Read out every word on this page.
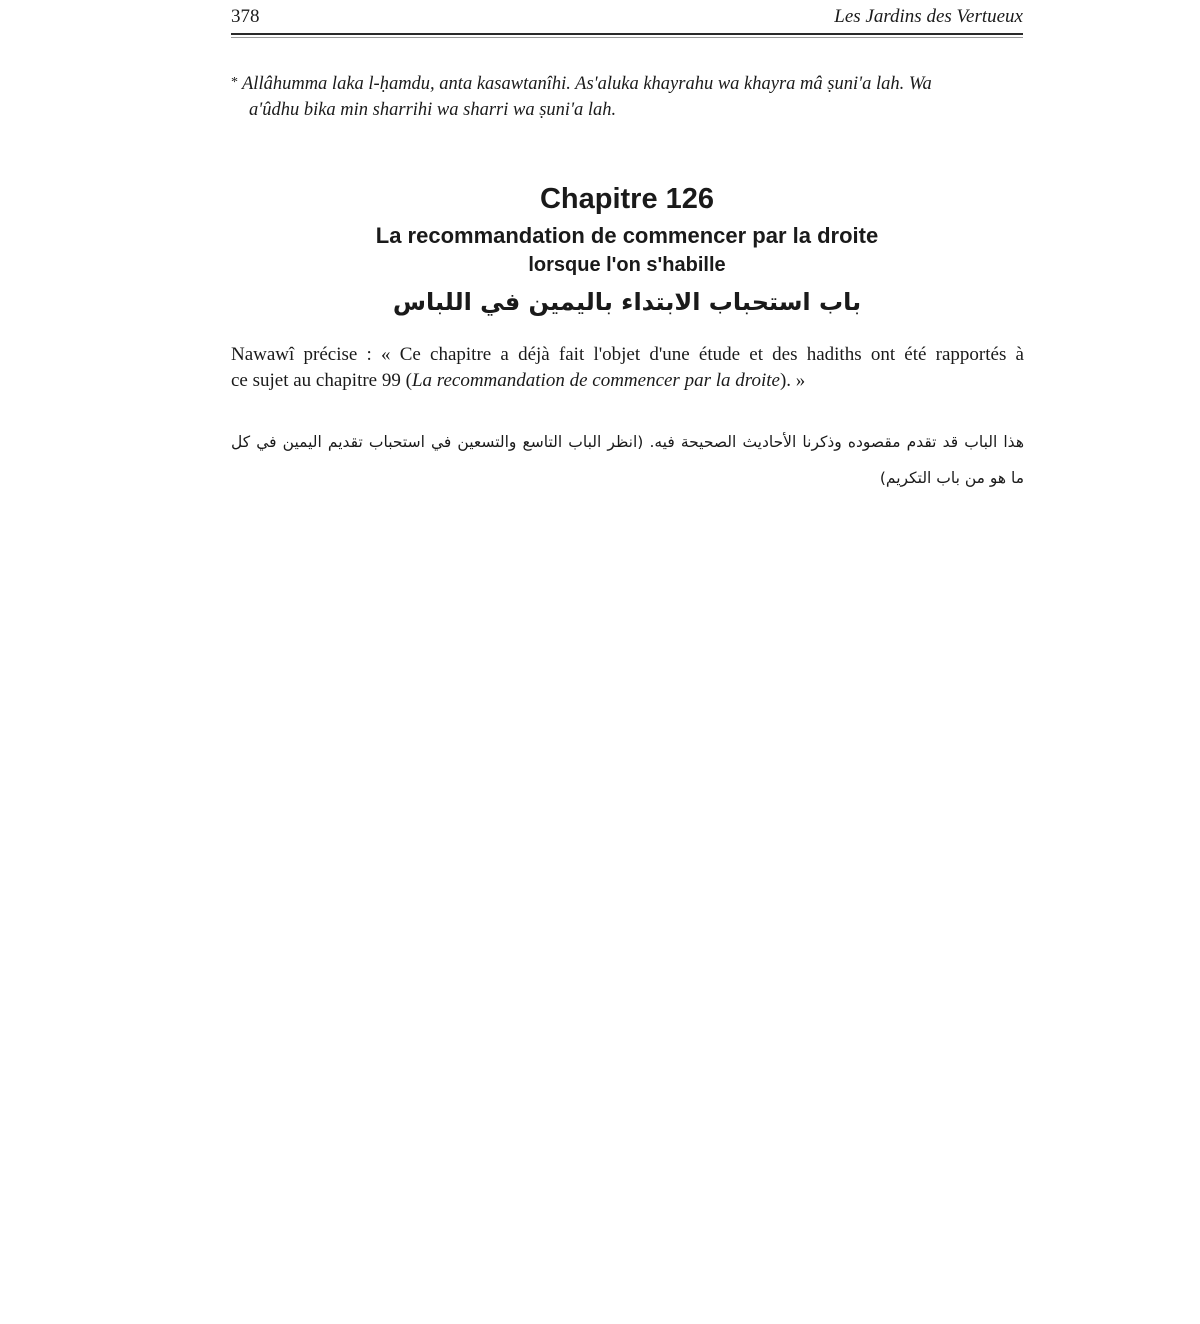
378	Les Jardins des Vertueux
* Allâhumma laka l-ḥamdu, anta kasawtanîhi. As'aluka khayrahu wa khayra mâ ṣuni'a lah. Wa
a'ûdhu bika min sharrihi wa sharri wa ṣuni'a lah.
Chapitre 126
La recommandation de commencer par la droite
lorsque l'on s'habille
باب استحباب الابتداء باليمين في اللباس
Nawawî précise : « Ce chapitre a déjà fait l'objet d'une étude et des hadiths ont été rapportés à
ce sujet au chapitre 99 (La recommandation de commencer par la droite). »
هذا الباب قد تقدم مقصوده وذكرنا الأحاديث الصحيحة فيه. (انظر الباب التاسع والتسعين في استحباب تقديم اليمين في كل
ما هو من باب التكريم)
